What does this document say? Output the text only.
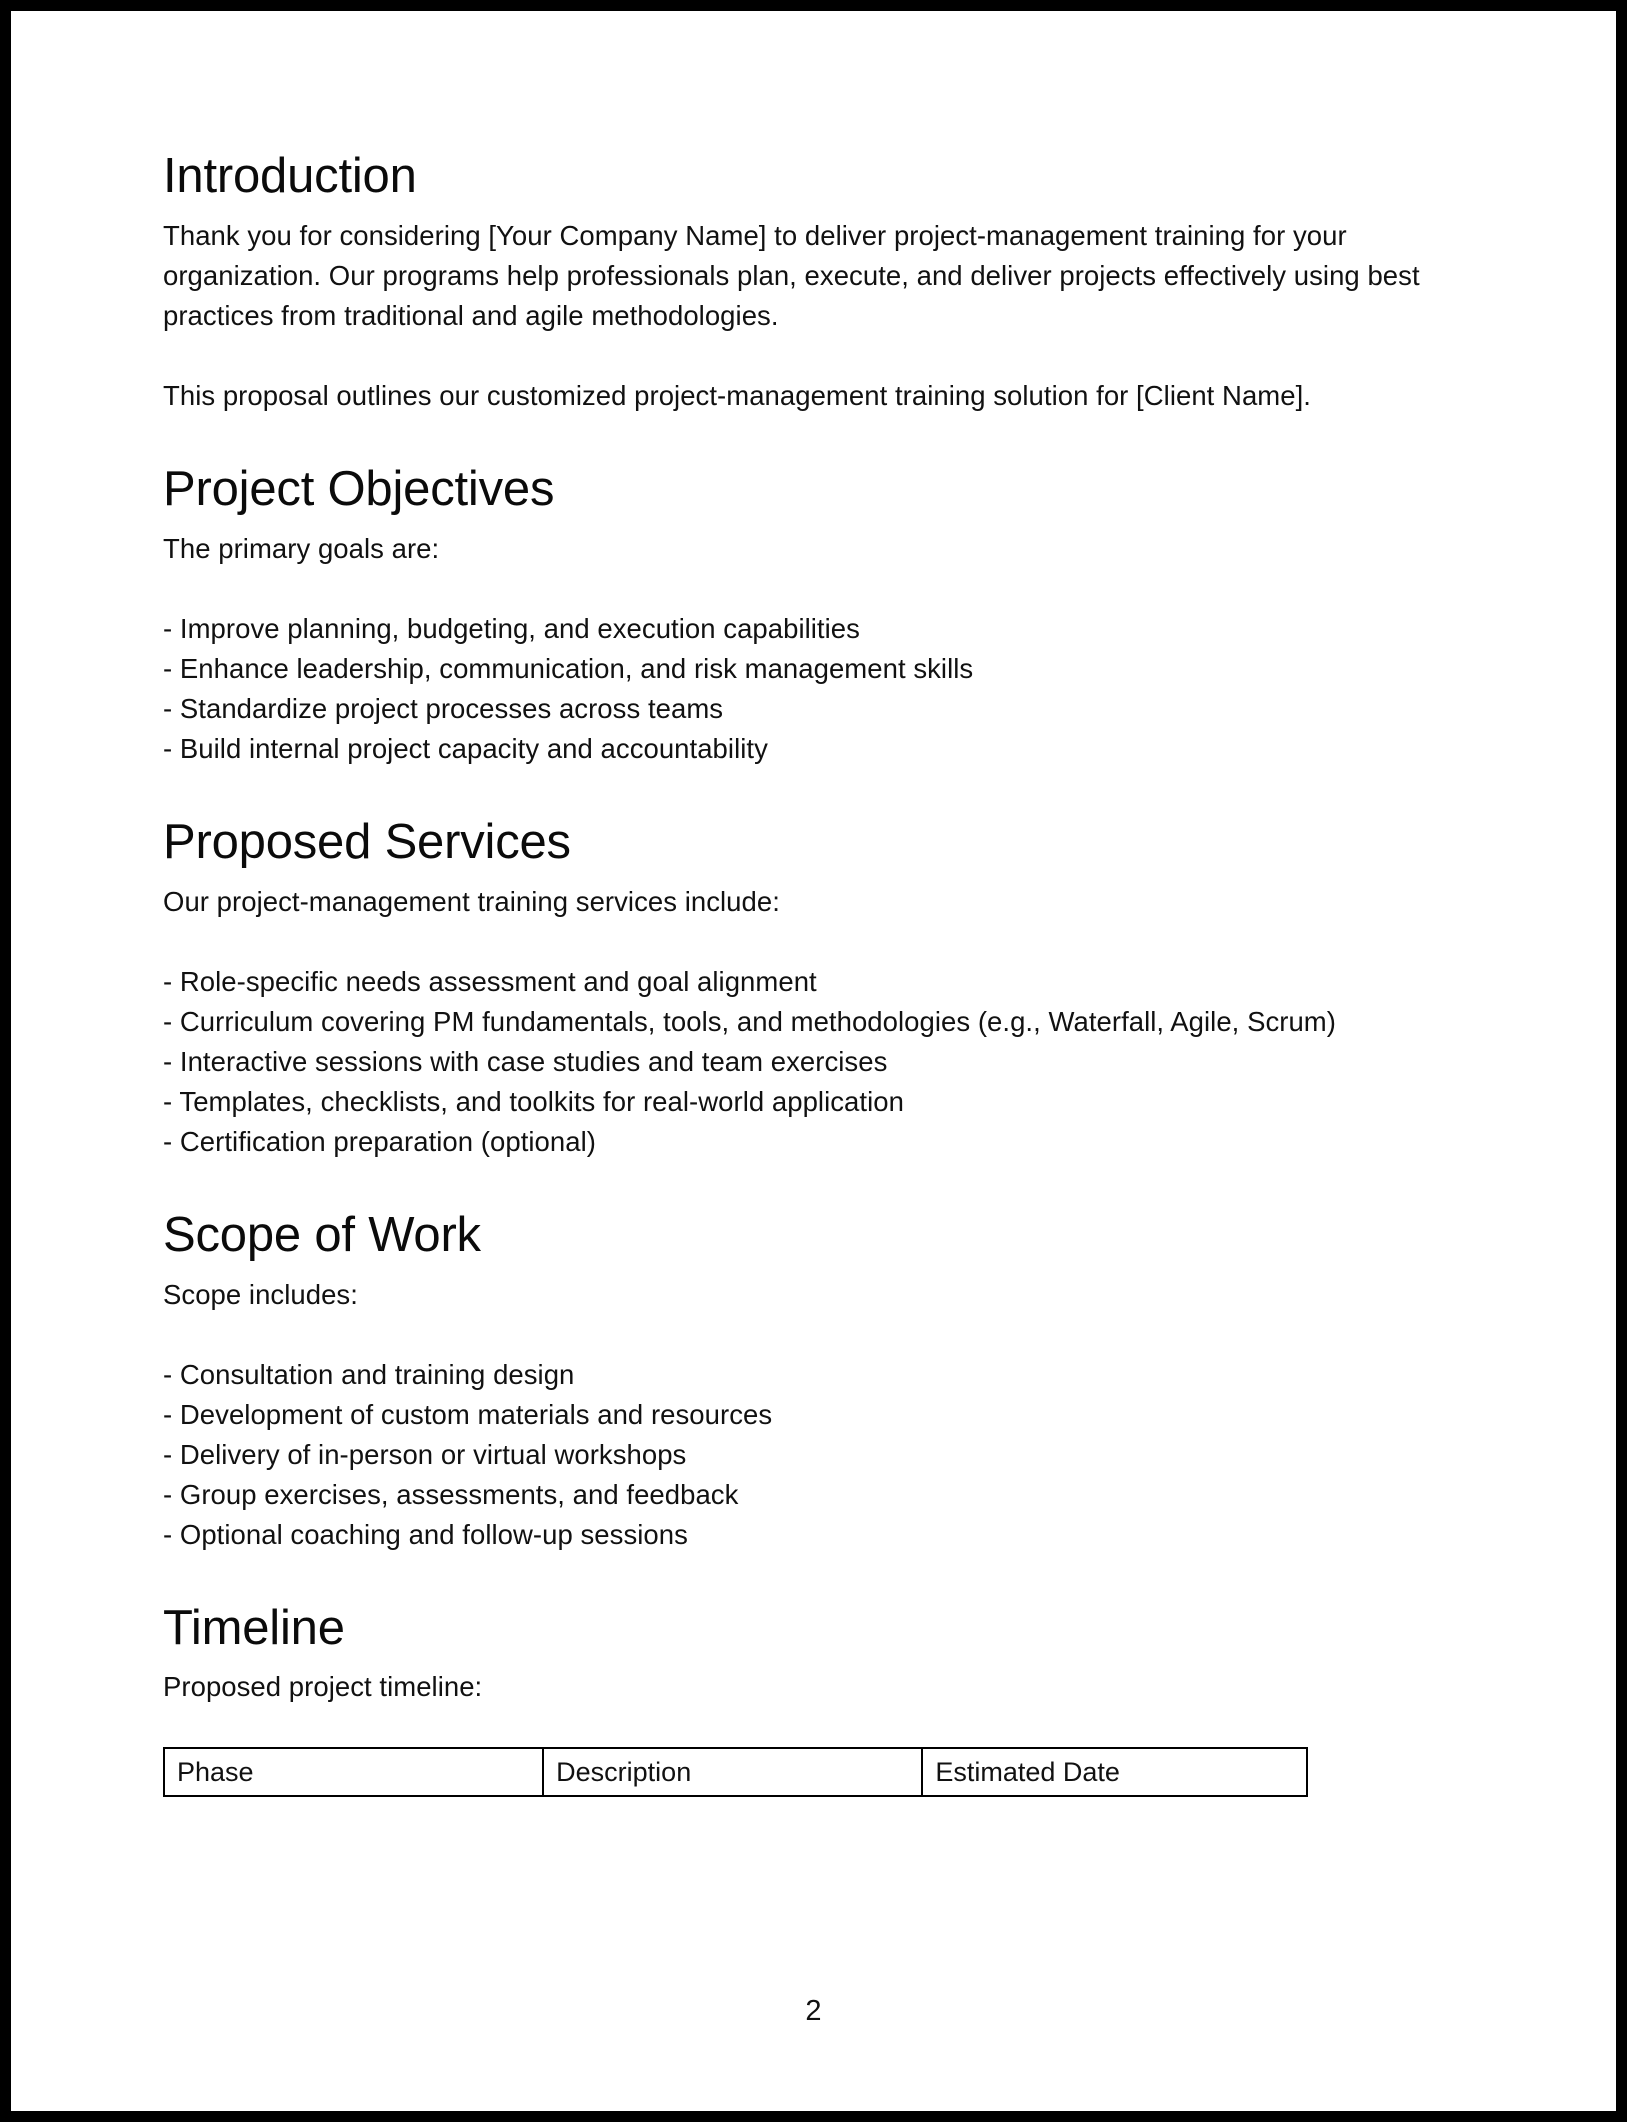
Introduction

Thank you for considering [Your Company Name] to deliver project-management training for your organization. Our programs help professionals plan, execute, and deliver projects effectively using best practices from traditional and agile methodologies.

This proposal outlines our customized project-management training solution for [Client Name].

Project Objectives

The primary goals are:

- Improve planning, budgeting, and execution capabilities
- Enhance leadership, communication, and risk management skills
- Standardize project processes across teams
- Build internal project capacity and accountability
Proposed Services

Our project-management training services include:

- Role-specific needs assessment and goal alignment
- Curriculum covering PM fundamentals, tools, and methodologies (e.g., Waterfall, Agile, Scrum)
- Interactive sessions with case studies and team exercises
- Templates, checklists, and toolkits for real-world application
- Certification preparation (optional)
Scope of Work

Scope includes:

- Consultation and training design
- Development of custom materials and resources
- Delivery of in-person or virtual workshops
- Group exercises, assessments, and feedback
- Optional coaching and follow-up sessions
Timeline

Proposed project timeline:

Phase	Description	Estimated Date
2
